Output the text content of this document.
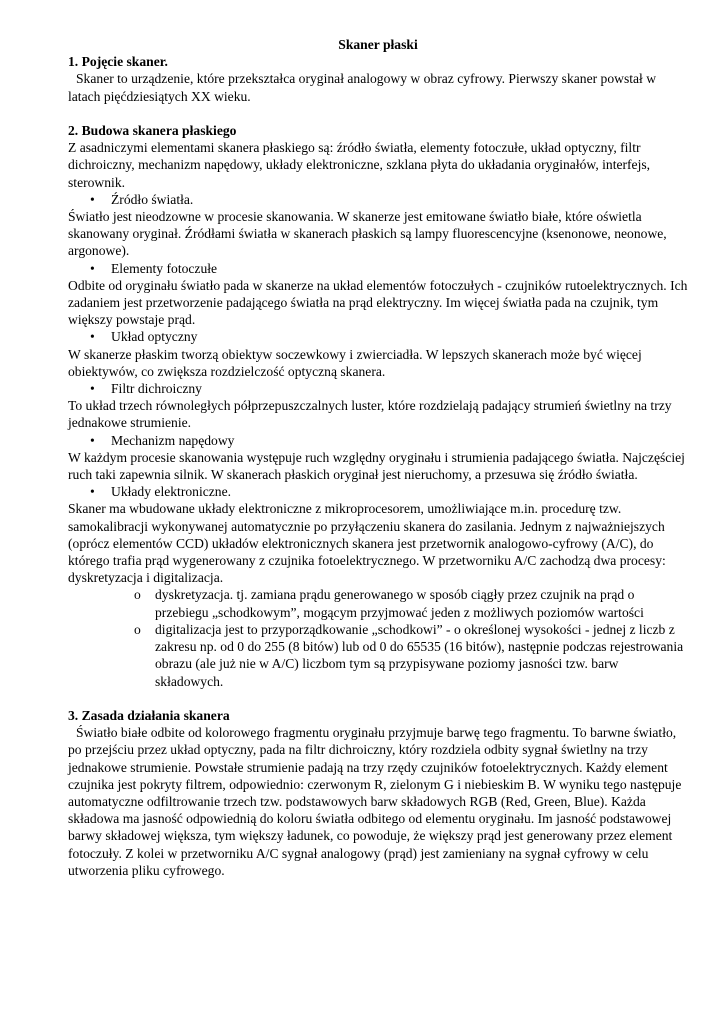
Skaner płaski

1. Pojęcie skaner.

Skaner to urządzenie, które przekształca oryginał analogowy w obraz cyfrowy. Pierwszy skaner powstał w latach pięćdziesiątych XX wieku.

2. Budowa skanera płaskiego

Z asadniczymi elementami skanera płaskiego są: źródło światła, elementy fotoczułe, układ optyczny, filtr dichroiczny, mechanizm napędowy, układy elektroniczne, szklana płyta do układania oryginałów, interfejs, sterownik.

• Źródło światła.

Światło jest nieodzowne w procesie skanowania. W skanerze jest emitowane światło białe, które oświetla skanowany oryginał. Źródłami światła w skanerach płaskich są lampy fluorescencyjne (ksenonowe, neonowe, argonowe).

• Elementy fotoczułe

Odbite od oryginału światło pada w skanerze na układ elementów fotoczułych - czujników rutoelektrycznych. Ich zadaniem jest przetworzenie padającego światła na prąd elektryczny. Im więcej światła pada na czujnik, tym większy powstaje prąd.

• Układ optyczny

W skanerze płaskim tworzą obiektyw soczewkowy i zwierciadła. W lepszych skanerach może być więcej obiektywów, co zwiększa rozdzielczość optyczną skanera.

• Filtr dichroiczny

To układ trzech równoległych półprzepuszczalnych luster, które rozdzielają padający strumień świetlny na trzy jednakowe strumienie.

• Mechanizm napędowy

W każdym procesie skanowania występuje ruch względny oryginału i strumienia padającego światła. Najczęściej ruch taki zapewnia silnik. W skanerach płaskich oryginał jest nieruchomy, a przesuwa się źródło światła.

• Układy elektroniczne.

Skaner ma wbudowane układy elektroniczne z mikroprocesorem, umożliwiające m.in. procedurę tzw. samokalibracji wykonywanej automatycznie po przyłączeniu skanera do zasilania. Jednym z najważniejszych (oprócz elementów CCD) układów elektronicznych skanera jest przetwornik analogowo-cyfrowy (A/C), do którego trafia prąd wygenerowany z czujnika fotoelektrycznego. W przetworniku A/C zachodzą dwa procesy: dyskretyzacja i digitalizacja.

o dyskretyzacja. tj. zamiana prądu generowanego w sposób ciągły przez czujnik na prąd o przebiegu „schodkowym”, mogącym przyjmować jeden z możliwych poziomów wartości

o digitalizacja jest to przyporządkowanie „schodkowi” - o określonej wysokości - jednej z liczb z zakresu np. od 0 do 255 (8 bitów) lub od 0 do 65535 (16 bitów), następnie podczas rejestrowania obrazu (ale już nie w A/C) liczbom tym są przypisywane poziomy jasności tzw. barw składowych.

3. Zasada działania skanera

Światło białe odbite od kolorowego fragmentu oryginału przyjmuje barwę tego fragmentu. To barwne światło, po przejściu przez układ optyczny, pada na filtr dichroiczny, który rozdziela odbity sygnał świetlny na trzy jednakowe strumienie. Powstałe strumienie padają na trzy rzędy czujników fotoelektrycznych. Każdy element czujnika jest pokryty filtrem, odpowiednio: czerwonym R, zielonym G i niebieskim B. W wyniku tego następuje automatyczne odfiltrowanie trzech tzw. podstawowych barw składowych RGB (Red, Green, Blue). Każda składowa ma jasność odpowiednią do koloru światła odbitego od elementu oryginału. Im jasność podstawowej barwy składowej większa, tym większy ładunek, co powoduje, że większy prąd jest generowany przez element fotoczuły. Z kolei w przetworniku A/C sygnał analogowy (prąd) jest zamieniany na sygnał cyfrowy w celu utworzenia pliku cyfrowego.
